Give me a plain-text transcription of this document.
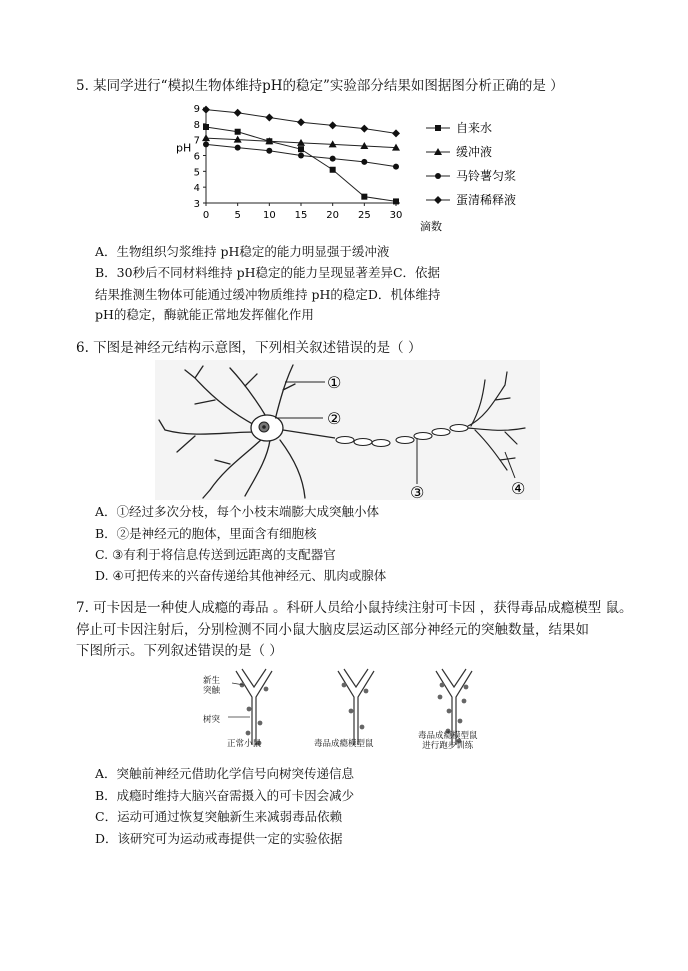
5. 某同学进行“模拟生物体维持pH的稳定”实验部分结果如图据图分析正确的是 ）
3
4
5
6
7
8
9
0	5 10 15 20 25 30
pH
滴数
自来水
缓冲液
马铃薯匀浆
蛋清稀释液
A．生物组织匀浆维持 pH稳定的能力明显强于缓冲液
B．30秒后不同材料维持 pH稳定的能力呈现显著差异C．依据
结果推测生物体可能通过缓冲物质维持 pH的稳定D．机体维持
pH的稳定，酶就能正常地发挥催化作用
6. 下图是神经元结构示意图，下列相关叙述错误的是（ ）
①
②
③	④
A．①经过多次分枝，每个小枝末端膨大成突触小体
B．②是神经元的胞体，里面含有细胞核
C. ③有利于将信息传送到远距离的支配器官
D. ④可把传来的兴奋传递给其他神经元、肌肉或腺体
7. 可卡因是一种使人成瘾的毒品 。科研人员给小鼠持续注射可卡因 ，获得毒品成瘾模型 鼠。
停止可卡因注射后，分别检测不同小鼠大脑皮层运动区部分神经元的突触数量，结果如
下图所示。下列叙述错误的是（ ）
新生
突触
树突
正常小鼠	毒品成瘾模型鼠
毒品成瘾模型鼠
进行跑步训练
A．突触前神经元借助化学信号向树突传递信息
B．成瘾时维持大脑兴奋需摄入的可卡因会减少
C．运动可通过恢复突触新生来减弱毒品依赖
D．该研究可为运动戒毒提供一定的实验依据
